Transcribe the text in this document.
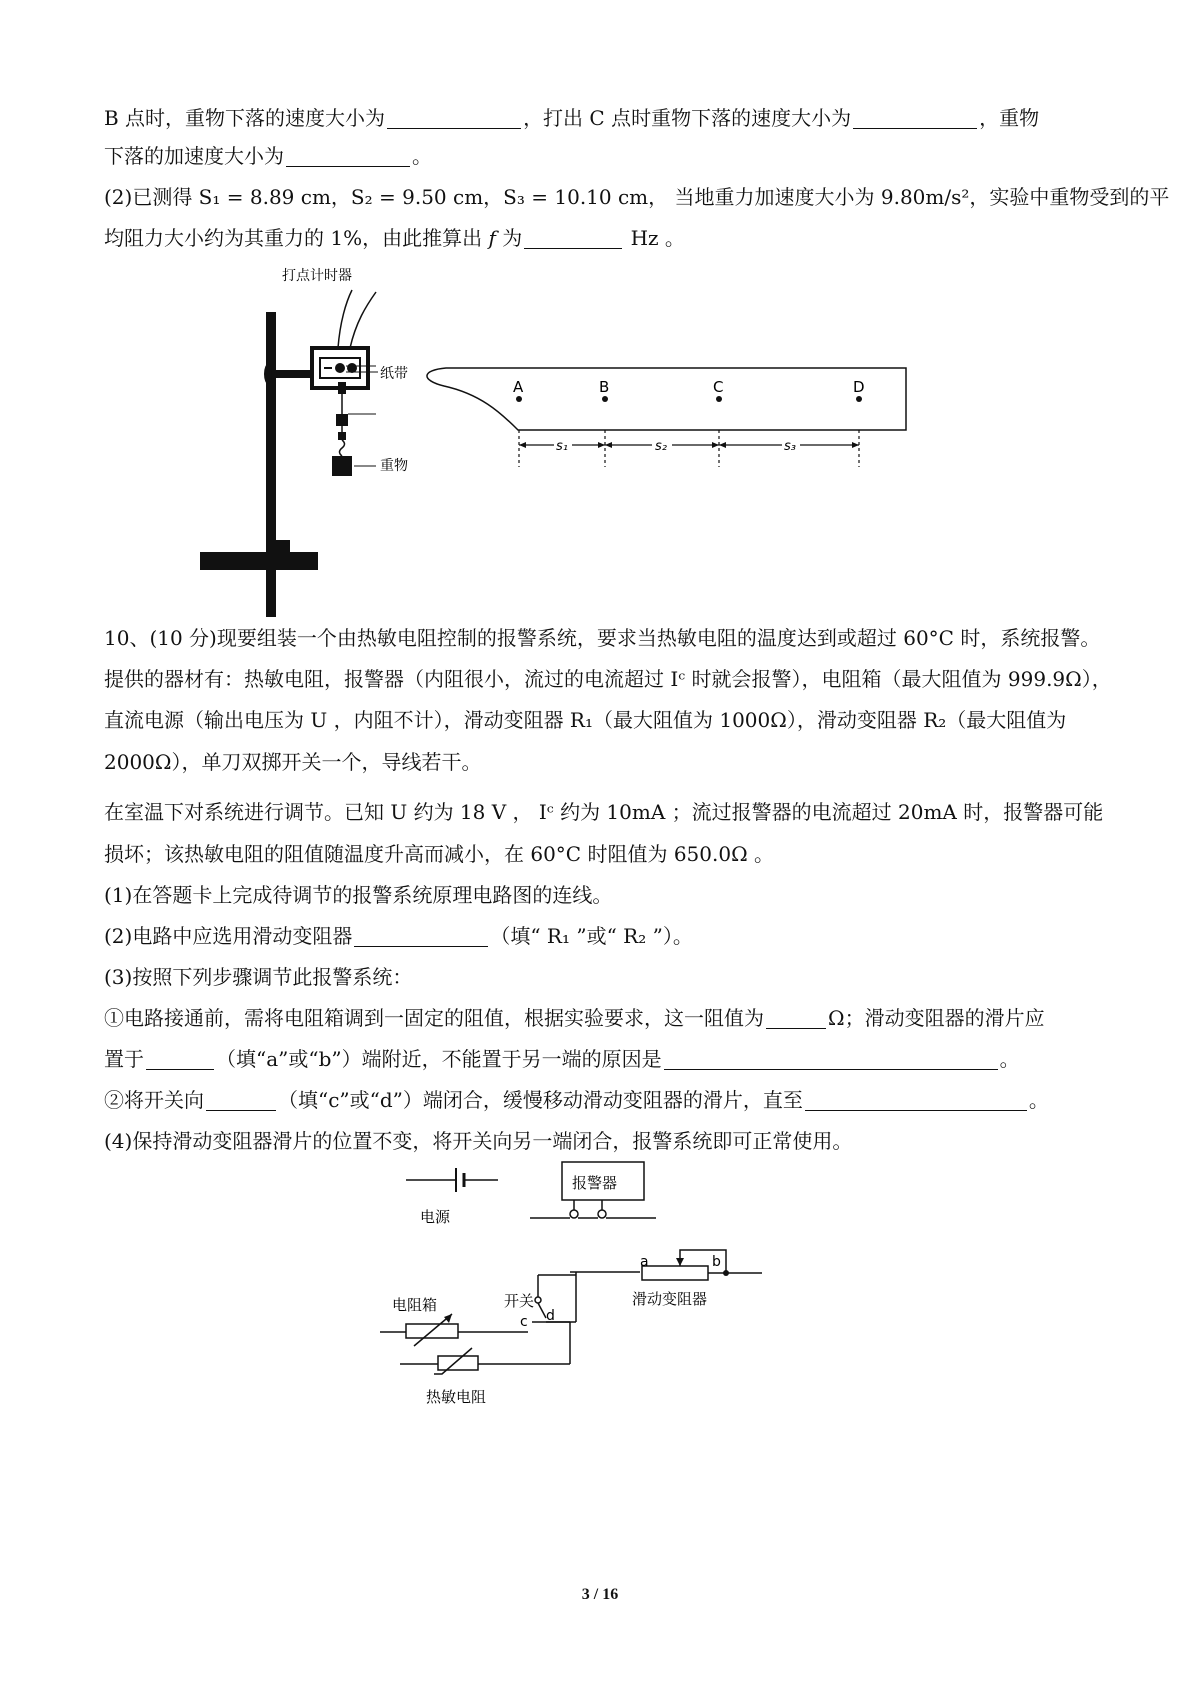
B 点时，重物下落的速度大小为	，打出 C 点时重物下落的速度大小为	，重物
下落的加速度大小为	。
(2)已测得 S₁ = 8.89 cm，S₂ = 9.50 cm，S₃ = 10.10 cm， 当地重力加速度大小为 9.80m/s²，实验中重物受到的平
均阻力大小约为其重力的 1%，由此推算出 f 为	Hz 。
打点计时器
纸带
重物
A	B	C	D
s₁	s₂	s₃
10、(10 分)现要组装一个由热敏电阻控制的报警系统，要求当热敏电阻的温度达到或超过 60°C 时，系统报警。
提供的器材有：热敏电阻，报警器（内阻很小，流过的电流超过 Iᶜ 时就会报警），电阻箱（最大阻值为 999.9Ω），
直流电源（输出电压为 U ，内阻不计），滑动变阻器 R₁（最大阻值为 1000Ω），滑动变阻器 R₂（最大阻值为
2000Ω），单刀双掷开关一个，导线若干。
在室温下对系统进行调节。已知 U 约为 18 V ， Iᶜ 约为 10mA ；流过报警器的电流超过 20mA 时，报警器可能
损坏；该热敏电阻的阻值随温度升高而减小，在 60°C 时阻值为 650.0Ω 。
(1)在答题卡上完成待调节的报警系统原理电路图的连线。
(2)电路中应选用滑动变阻器	（填“ R₁ ”或“ R₂ ”）。
(3)按照下列步骤调节此报警系统：
①电路接通前，需将电阻箱调到一固定的阻值，根据实验要求，这一阻值为	Ω；滑动变阻器的滑片应
置于	（填“a”或“b”）端附近，不能置于另一端的原因是	。
②将开关向	（填“c”或“d”）端闭合，缓慢移动滑动变阻器的滑片，直至	。
(4)保持滑动变阻器滑片的位置不变，将开关向另一端闭合，报警系统即可正常使用。
电源
报警器
电阻箱	开关
a	b
c d
滑动变阻器
热敏电阻
3 / 16
